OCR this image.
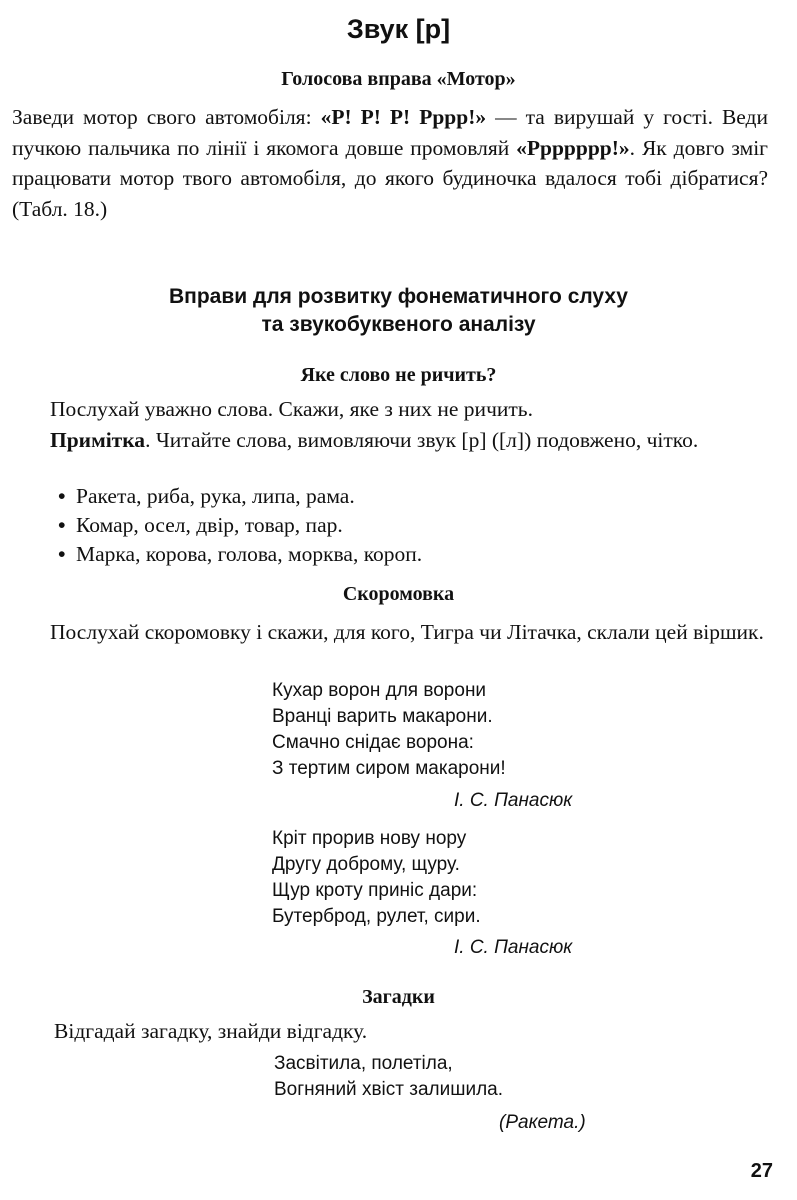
Звук [р]
Голосова вправа «Мотор»
Заведи мотор свого автомобіля: «Р! Р! Р! Рррр!» — та вирушай у гості. Веди пучкою пальчика по лінії і якомога довше промовляй «Ррррррр!». Як довго зміг працювати мотор твого автомобіля, до якого будиночка вдалося тобі дібратися? (Табл. 18.)
Вправи для розвитку фонематичного слуху
та звукобуквеного аналізу
Яке слово не ричить?
Послухай уважно слова. Скажи, яке з них не ричить.
Примітка. Читайте слова, вимовляючи звук [р] ([л]) подовжено, чітко.
• Ракета, риба, рука, липа, рама.
• Комар, осел, двір, товар, пар.
• Марка, корова, голова, морква, короп.
Скоромовка
Послухай скоромовку і скажи, для кого, Тигра чи Літачка, склали цей віршик.
Кухар ворон для ворони
Вранці варить макарони.
Смачно снідає ворона:
З тертим сиром макарони!
І. С. Панасюк
Кріт прорив нову нору
Другу доброму, щуру.
Щур кроту приніс дари:
Бутерброд, рулет, сири.
І. С. Панасюк
Загадки
Відгадай загадку, знайди відгадку.
Засвітила, полетіла,
Вогняний хвіст залишила.
(Ракета.)
27
